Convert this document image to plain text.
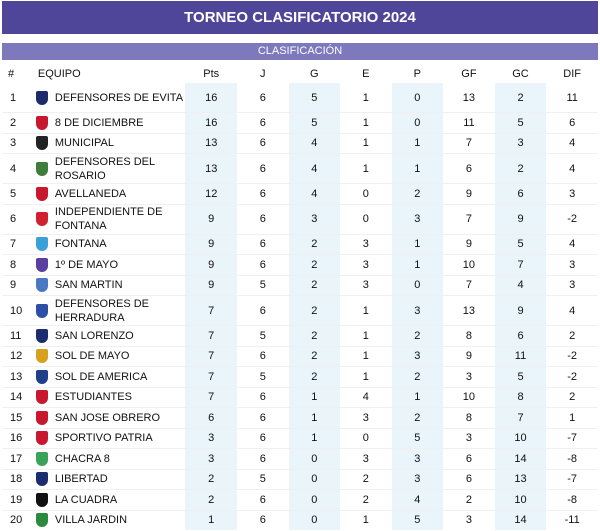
TORNEO CLASIFICATORIO 2024
CLASIFICACIÓN
#	EQUIPO	Pts	J	G	E	P	GF	GC	DIF
1	DEFENSORES DE EVITA	16	6	5	1	0	13	2	11
2	8 DE DICIEMBRE	16	6	5	1	0	11	5	6
3	MUNICIPAL	13	6	4	1	1	7	3	4
4	DEFENSORES DEL ROSARIO	13	6	4	1	1	6	2	4
5	AVELLANEDA	12	6	4	0	2	9	6	3
6	INDEPENDIENTE DE FONTANA	9	6	3	0	3	7	9	-2
7	FONTANA	9	6	2	3	1	9	5	4
8	1º DE MAYO	9	6	2	3	1	10	7	3
9	SAN MARTIN	9	5	2	3	0	7	4	3
10	DEFENSORES DE HERRADURA	7	6	2	1	3	13	9	4
11	SAN LORENZO	7	5	2	1	2	8	6	2
12	SOL DE MAYO	7	6	2	1	3	9	11	-2
13	SOL DE AMERICA	7	5	2	1	2	3	5	-2
14	ESTUDIANTES	7	6	1	4	1	10	8	2
15	SAN JOSE OBRERO	6	6	1	3	2	8	7	1
16	SPORTIVO PATRIA	3	6	1	0	5	3	10	-7
17	CHACRA 8	3	6	0	3	3	6	14	-8
18	LIBERTAD	2	5	0	2	3	6	13	-7
19	LA CUADRA	2	6	0	2	4	2	10	-8
20	VILLA JARDIN	1	6	0	1	5	3	14	-11
